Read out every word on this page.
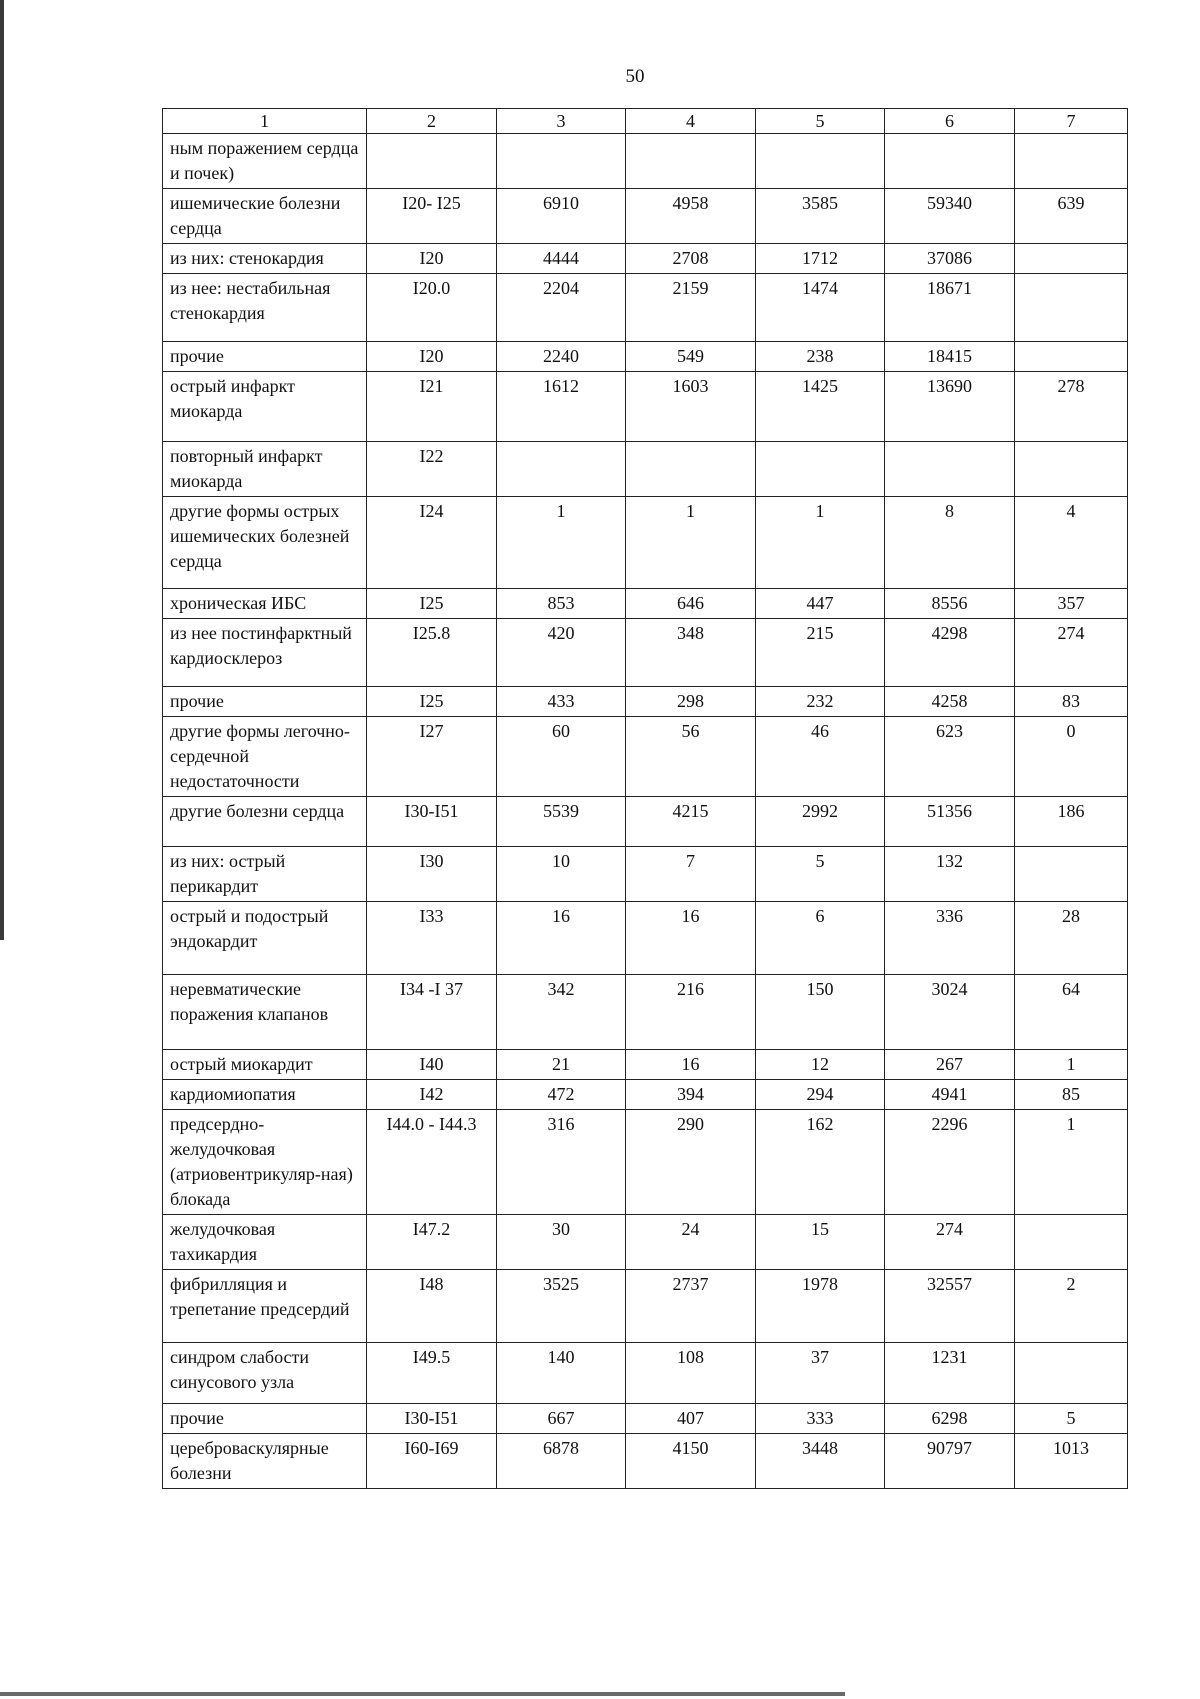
50
1	2	3	4	5	6	7
ным поражением сердца и почек)						
ишемические болезни сердца	I20- I25	6910	4958	3585	59340	639
из них: стенокардия	I20	4444	2708	1712	37086	
из нее: нестабильная стенокардия	I20.0	2204	2159	1474	18671	
прочие	I20	2240	549	238	18415	
острый инфаркт миокарда	I21	1612	1603	1425	13690	278
повторный инфаркт миокарда	I22					
другие формы острых ишемических болезней сердца	I24	1	1	1	8	4
хроническая ИБС	I25	853	646	447	8556	357
из нее постинфарктный кардиосклероз	I25.8	420	348	215	4298	274
прочие	I25	433	298	232	4258	83
другие формы легочно-сердечной недостаточности	I27	60	56	46	623	0
другие болезни сердца	I30-I51	5539	4215	2992	51356	186
из них: острый перикардит	I30	10	7	5	132	
острый и подострый эндокардит	I33	16	16	6	336	28
неревматические поражения клапанов	I34 -I 37	342	216	150	3024	64
острый миокардит	I40	21	16	12	267	1
кардиомиопатия	I42	472	394	294	4941	85
предсердно-желудочковая (атриовентрикуляр-ная) блокада	I44.0 - I44.3	316	290	162	2296	1
желудочковая тахикардия	I47.2	30	24	15	274	
фибрилляция и трепетание предсердий	I48	3525	2737	1978	32557	2
синдром слабости синусового узла	I49.5	140	108	37	1231	
прочие	I30-I51	667	407	333	6298	5
цереброваскулярные болезни	I60-I69	6878	4150	3448	90797	1013
